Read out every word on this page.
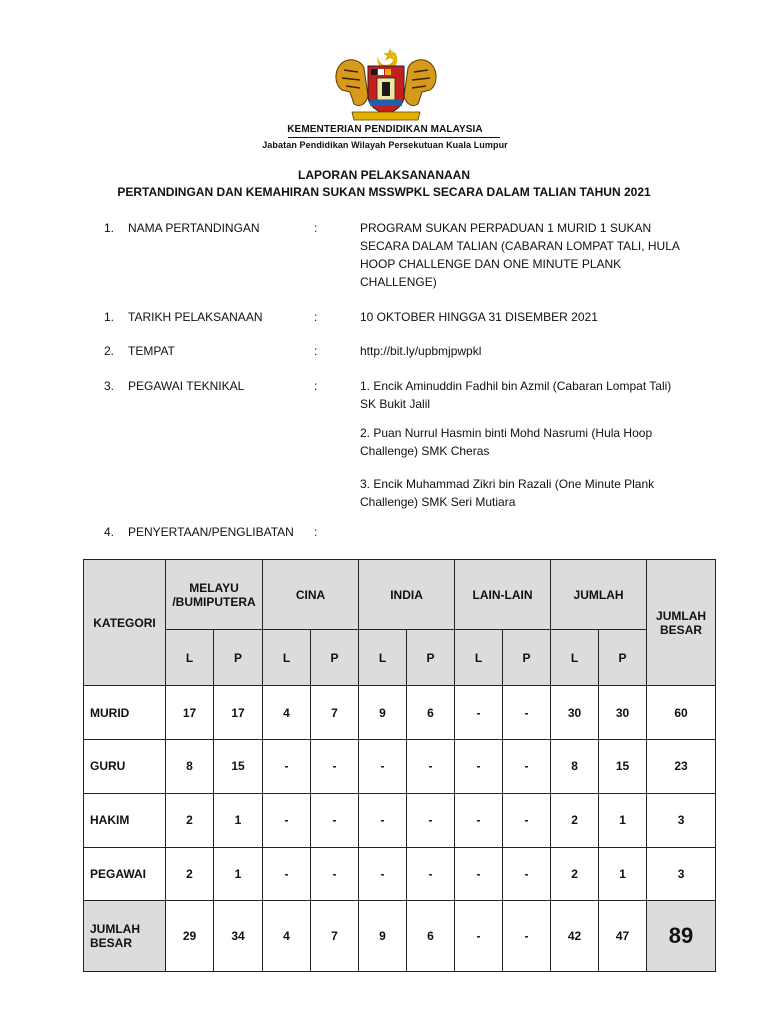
KEMENTERIAN PENDIDIKAN MALAYSIA
Jabatan Pendidikan Wilayah Persekutuan Kuala Lumpur
LAPORAN PELAKSANANAAN
PERTANDINGAN DAN KEMAHIRAN SUKAN MSSWPKL SECARA DALAM TALIAN TAHUN 2021
1. NAMA PERTANDINGAN	:	PROGRAM SUKAN PERPADUAN 1 MURID 1 SUKAN
SECARA DALAM TALIAN (CABARAN LOMPAT TALI, HULA
HOOP CHALLENGE DAN ONE MINUTE PLANK
CHALLENGE)
1. TARIKH PELAKSANAAN	:	10 OKTOBER HINGGA 31 DISEMBER 2021
2. TEMPAT	:	http://bit.ly/upbmjpwpkl
3. PEGAWAI TEKNIKAL	:	1. Encik Aminuddin Fadhil bin Azmil (Cabaran Lompat Tali)
SK Bukit Jalil
2. Puan Nurrul Hasmin binti Mohd Nasrumi (Hula Hoop
Challenge) SMK Cheras
3. Encik Muhammad Zikri bin Razali (One Minute Plank
Challenge) SMK Seri Mutiara
4. PENYERTAAN/PENGLIBATAN :
KATEGORI	MELAYU /BUMIPUTERA		CINA		INDIA		LAIN-LAIN		JUMLAH		JUMLAH BESAR
	L	P	L	P	L	P	L	P	L	P	
MURID	17	17	4	7	9	6	-	-	30	30	60
GURU	8	15	-	-	-	-	-	-	8	15	23
HAKIM	2	1	-	-	-	-	-	-	2	1	3
PEGAWAI	2	1	-	-	-	-	-	-	2	1	3
JUMLAH BESAR	29	34	4	7	9	6	-	-	42	47	89
